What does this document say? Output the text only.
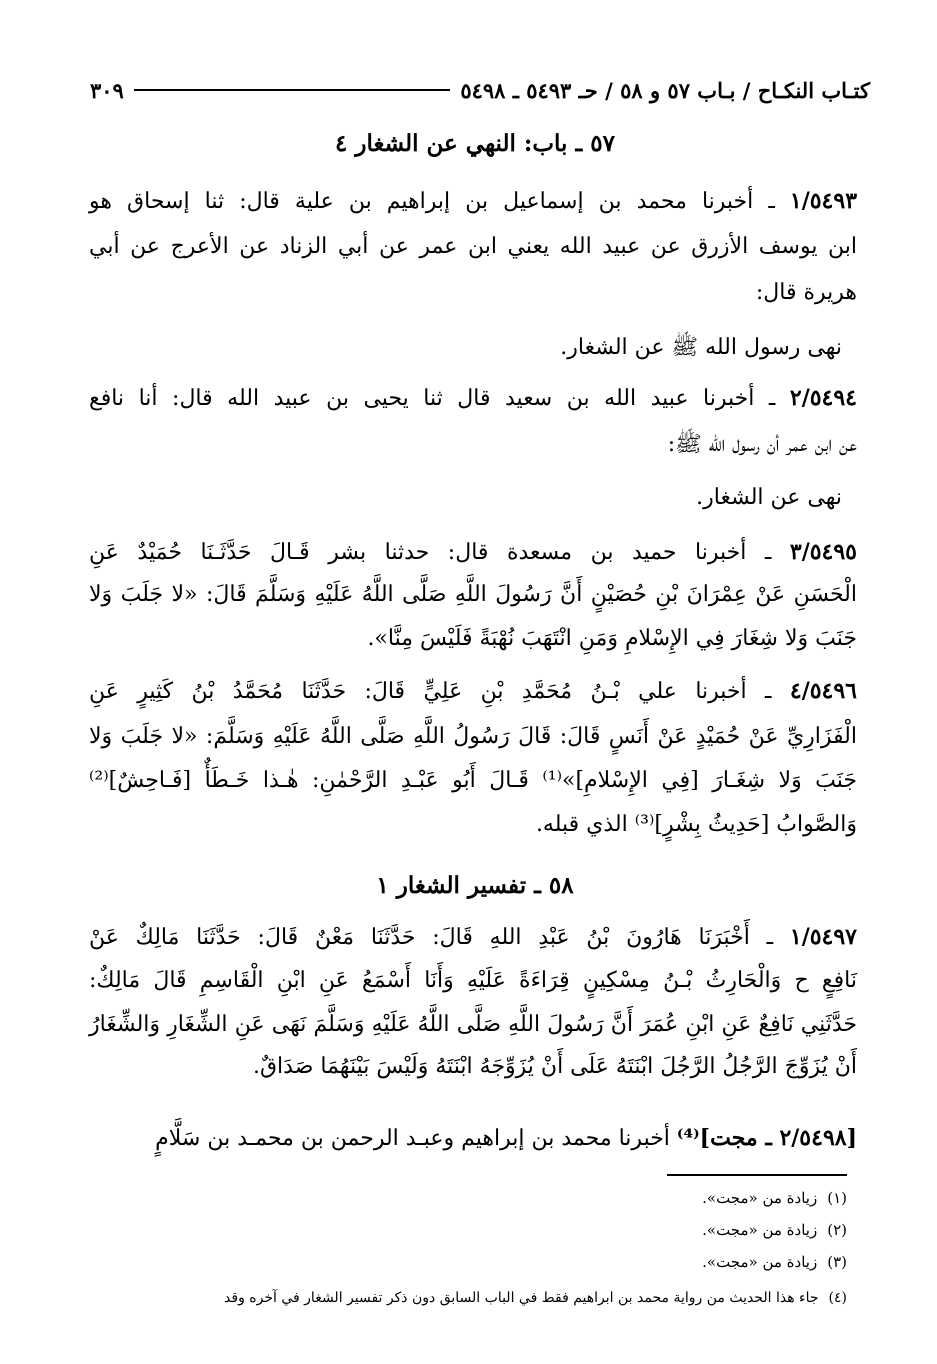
كتـاب النكـاح / بـاب ٥٧ و ٥٨ / حـ ٥٤٩٣ ـ ٥٤٩٨
٣٠٩
٥٧ ـ باب: النهي عن الشغار ٤
١/٥٤٩٣ ـ أخبرنا محمد بن إسماعيل بن إبراهيم بن علية قال: ثنا إسحاق هو
ابن يوسف الأزرق عن عبيد الله يعني ابن عمر عن أبي الزناد عن الأعرج عن أبي
هريرة قال:
نهى رسول الله ﷺ عن الشغار.
٢/٥٤٩٤ ـ أخبرنا عبيد الله بن سعيد قال ثنا يحيى بن عبيد الله قال: أنا نافع
عن ابن عمر أن رسول الله ﷺ:
نهى عن الشغار.
٣/٥٤٩٥ ـ أخبرنا حميد بن مسعدة قال: حدثنا بشر قَـالَ حَدَّثَـنَا حُمَيْدٌ عَنِ
الْحَسَنِ عَنْ عِمْرَانَ بْنِ حُصَيْنٍ أَنَّ رَسُولَ اللَّهِ صَلَّى اللَّهُ عَلَيْهِ وَسَلَّمَ قَالَ: «لا جَلَبَ وَلا
جَنَبَ وَلا شِغَارَ فِي الإِسْلامِ وَمَنِ انْتَهَبَ نُهْبَةً فَلَيْسَ مِنَّا».
٤/٥٤٩٦ ـ أخبرنا علي بْـنُ مُحَمَّدِ بْنِ عَلِيٍّ قَالَ: حَدَّثَنَا مُحَمَّدُ بْنُ كَثِيرٍ عَنِ
الْفَزَارِيِّ عَنْ حُمَيْدٍ عَنْ أَنَسٍ قَالَ: قَالَ رَسُولُ اللَّهِ صَلَّى اللَّهُ عَلَيْهِ وَسَلَّمَ: «لا جَلَبَ وَلا
جَنَبَ وَلا شِغَـارَ [فِي الإِسْلامِ]»⁽¹⁾ قَـالَ أَبُو عَبْـدِ الرَّحْمٰنِ: هٰـذا خَـطَأٌ [فَـاحِشٌ]⁽²⁾
وَالصَّوابُ [حَدِيثُ بِشْرٍ]⁽³⁾ الذي قبله.
٥٨ ـ تفسير الشغار ١
١/٥٤٩٧ ـ أَخْبَرَنَا هَارُونَ بْنُ عَبْدِ اللهِ قَالَ: حَدَّثَنَا مَعْنٌ قَالَ: حَدَّثَنَا مَالِكٌ عَنْ
نَافِعٍ ح وَالْحَارِثُ بْـنُ مِسْكِينٍ قِرَاءَةً عَلَيْهِ وَأَنَا أَسْمَعُ عَنِ ابْنِ الْقَاسِمِ قَالَ مَالِكٌ:
حَدَّثَنِي نَافِعٌ عَنِ ابْنِ عُمَرَ أَنَّ رَسُولَ اللَّهِ صَلَّى اللَّهُ عَلَيْهِ وَسَلَّمَ نَهَى عَنِ الشِّغَارِ وَالشِّغَارُ
أَنْ يُزَوِّجَ الرَّجُلُ الرَّجُلَ ابْنَتَهُ عَلَى أَنْ يُزَوِّجَهُ ابْنَتَهُ وَلَيْسَ بَيْنَهُمَا صَدَاقٌ.
[٢/٥٤٩٨ ـ مجت]⁽⁴⁾ أخبرنا محمد بن إبراهيم وعبـد الرحمن بن محمـد بن سَلَّامٍ
(١)زيادة من «مجت».
(٢)زيادة من «مجت».
(٣)زيادة من «مجت».
(٤)جاء هذا الحديث من رواية محمد بن ابراهيم فقط في الباب السابق دون ذكر تفسير الشغار في آخره وقد
